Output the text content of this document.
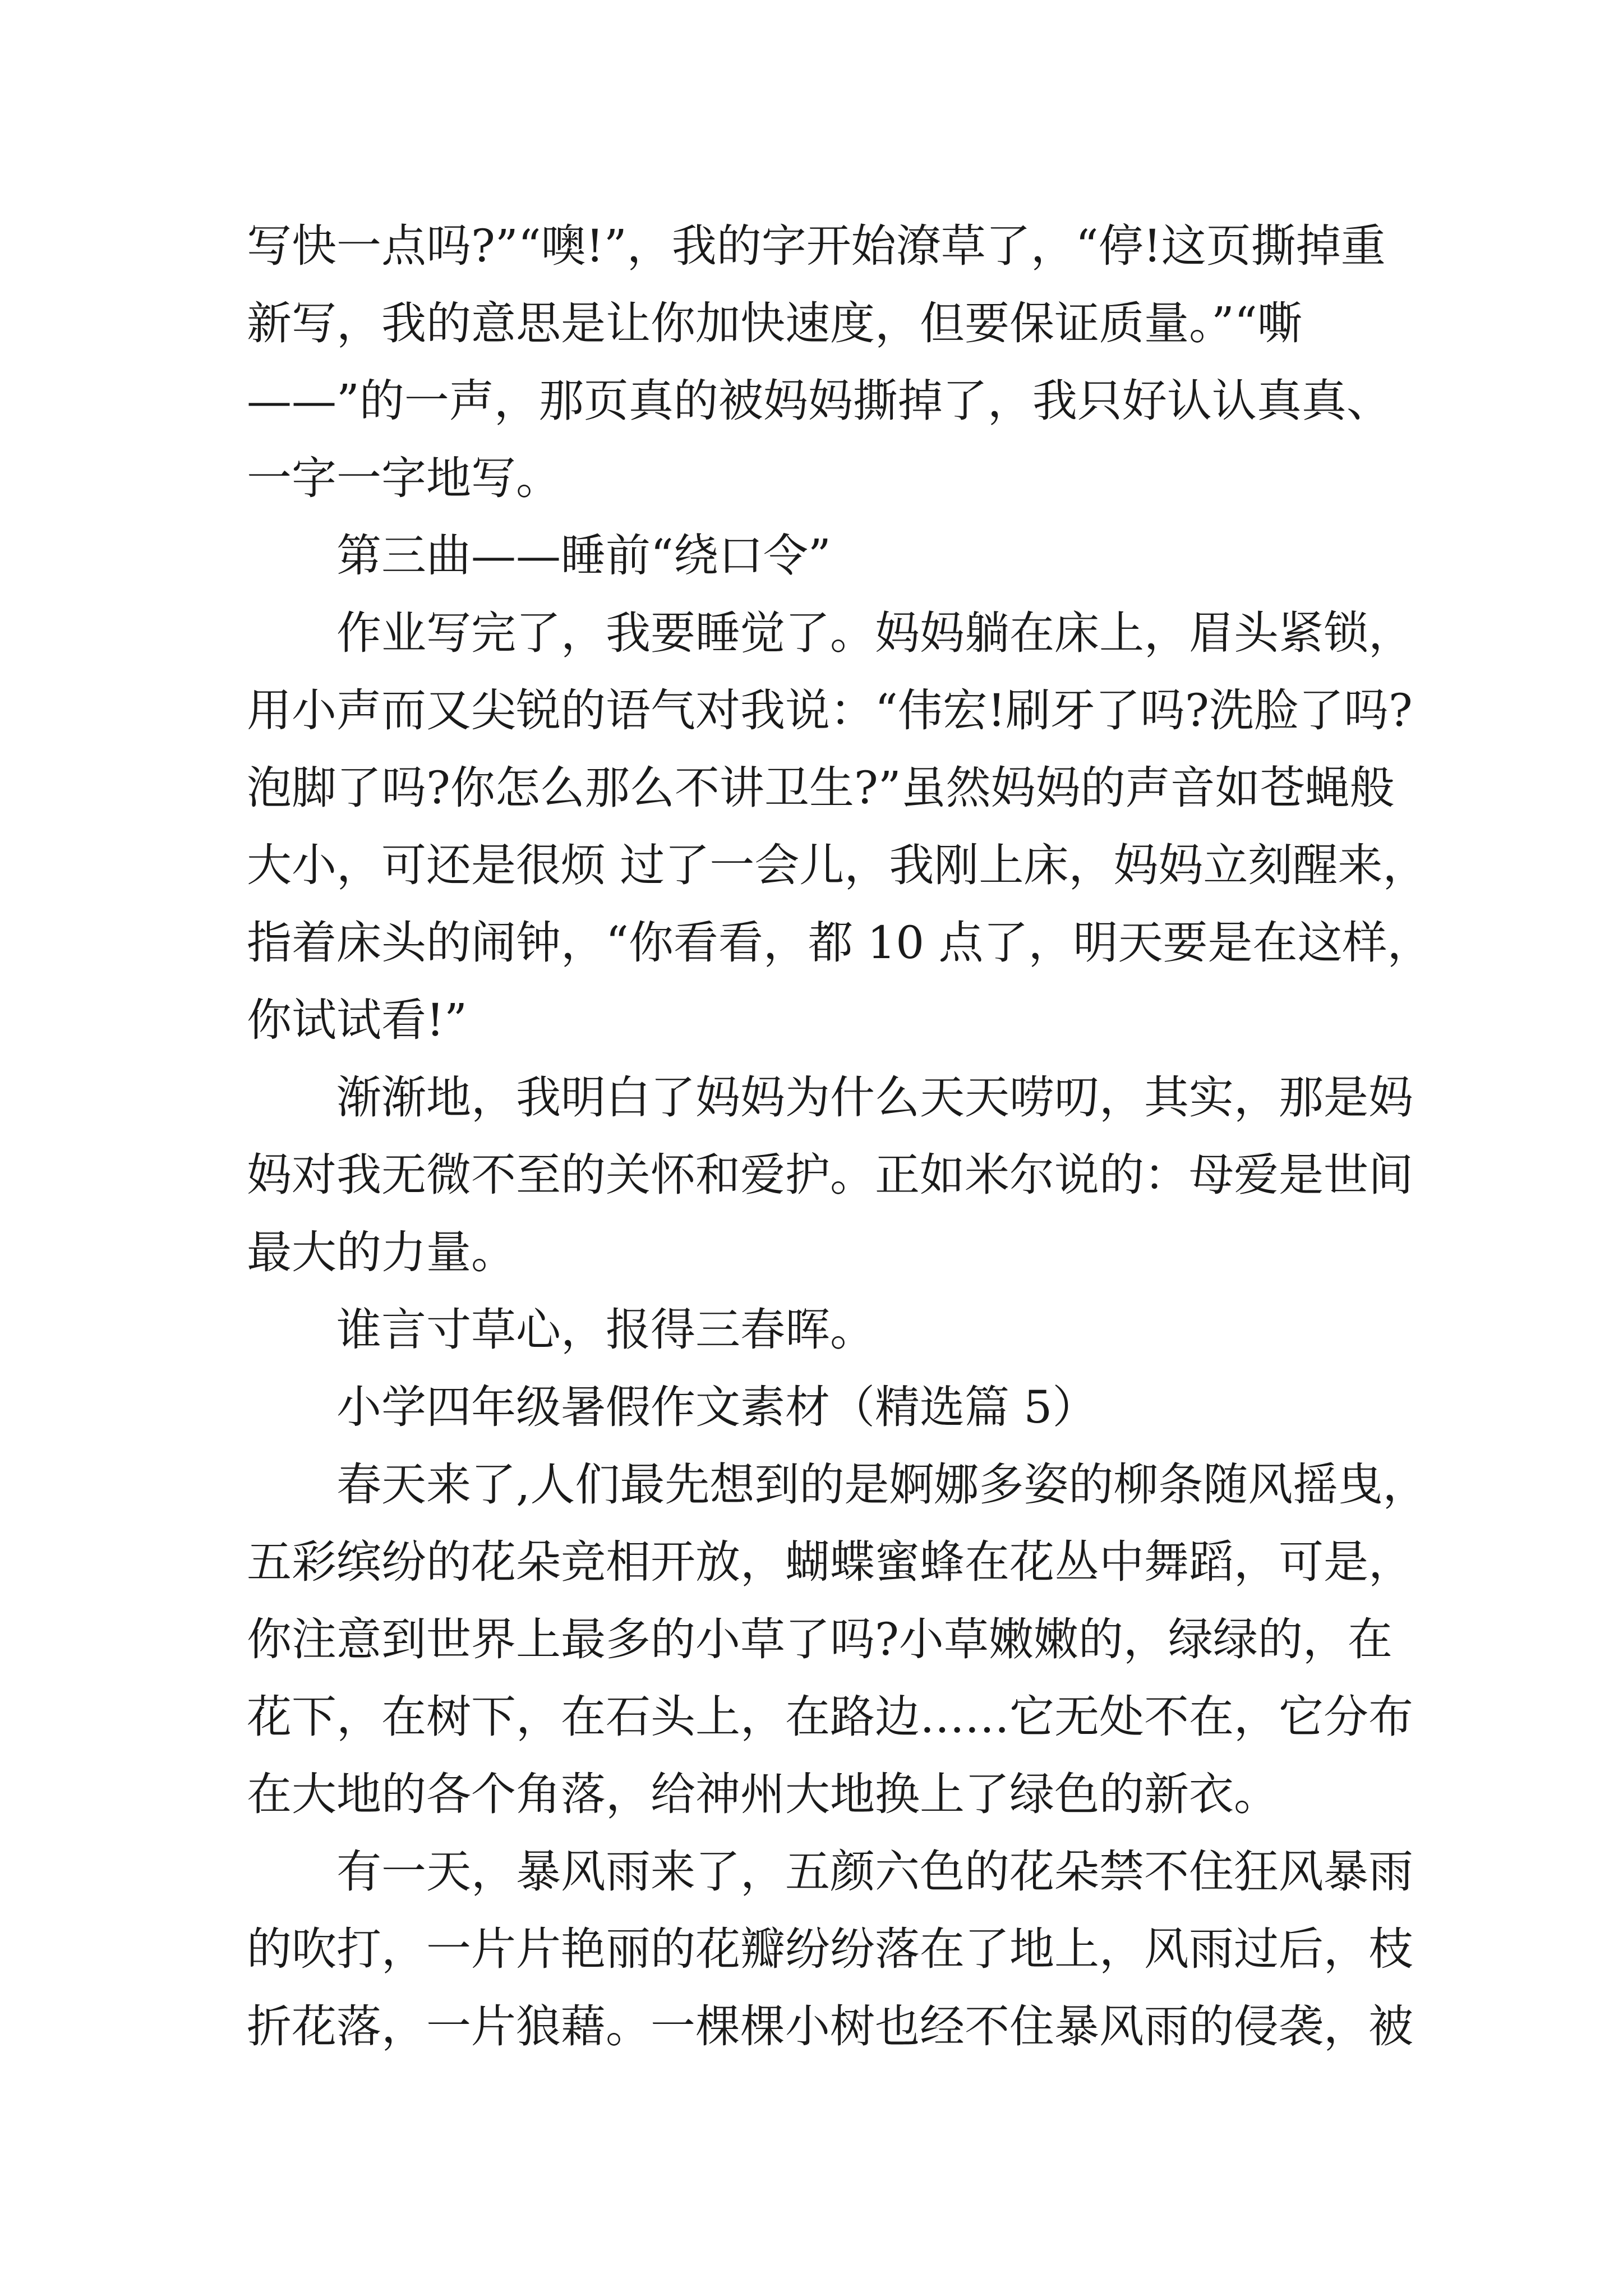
写快一点吗?”“噢!”，我的字开始潦草了，“停!这页撕掉重
新写，我的意思是让你加快速度，但要保证质量。”“嘶
——”的一声，那页真的被妈妈撕掉了，我只好认认真真、
一字一字地写。
第三曲——睡前“绕口令”
作业写完了，我要睡觉了。妈妈躺在床上，眉头紧锁，
用小声而又尖锐的语气对我说：“伟宏!刷牙了吗?洗脸了吗?
泡脚了吗?你怎么那么不讲卫生?”虽然妈妈的声音如苍蝇般
大小，可还是很烦 过了一会儿，我刚上床，妈妈立刻醒来，
指着床头的闹钟，“你看看，都 10 点了，明天要是在这样，
你试试看!”
渐渐地，我明白了妈妈为什么天天唠叨，其实，那是妈
妈对我无微不至的关怀和爱护。正如米尔说的：母爱是世间
最大的力量。
谁言寸草心，报得三春晖。
小学四年级暑假作文素材（精选篇 5）
春天来了,人们最先想到的是婀娜多姿的柳条随风摇曳，
五彩缤纷的花朵竞相开放，蝴蝶蜜蜂在花丛中舞蹈，可是，
你注意到世界上最多的小草了吗?小草嫩嫩的，绿绿的，在
花下，在树下，在石头上，在路边……它无处不在，它分布
在大地的各个角落，给神州大地换上了绿色的新衣。
有一天，暴风雨来了，五颜六色的花朵禁不住狂风暴雨
的吹打，一片片艳丽的花瓣纷纷落在了地上，风雨过后，枝
折花落，一片狼藉。一棵棵小树也经不住暴风雨的侵袭，被
